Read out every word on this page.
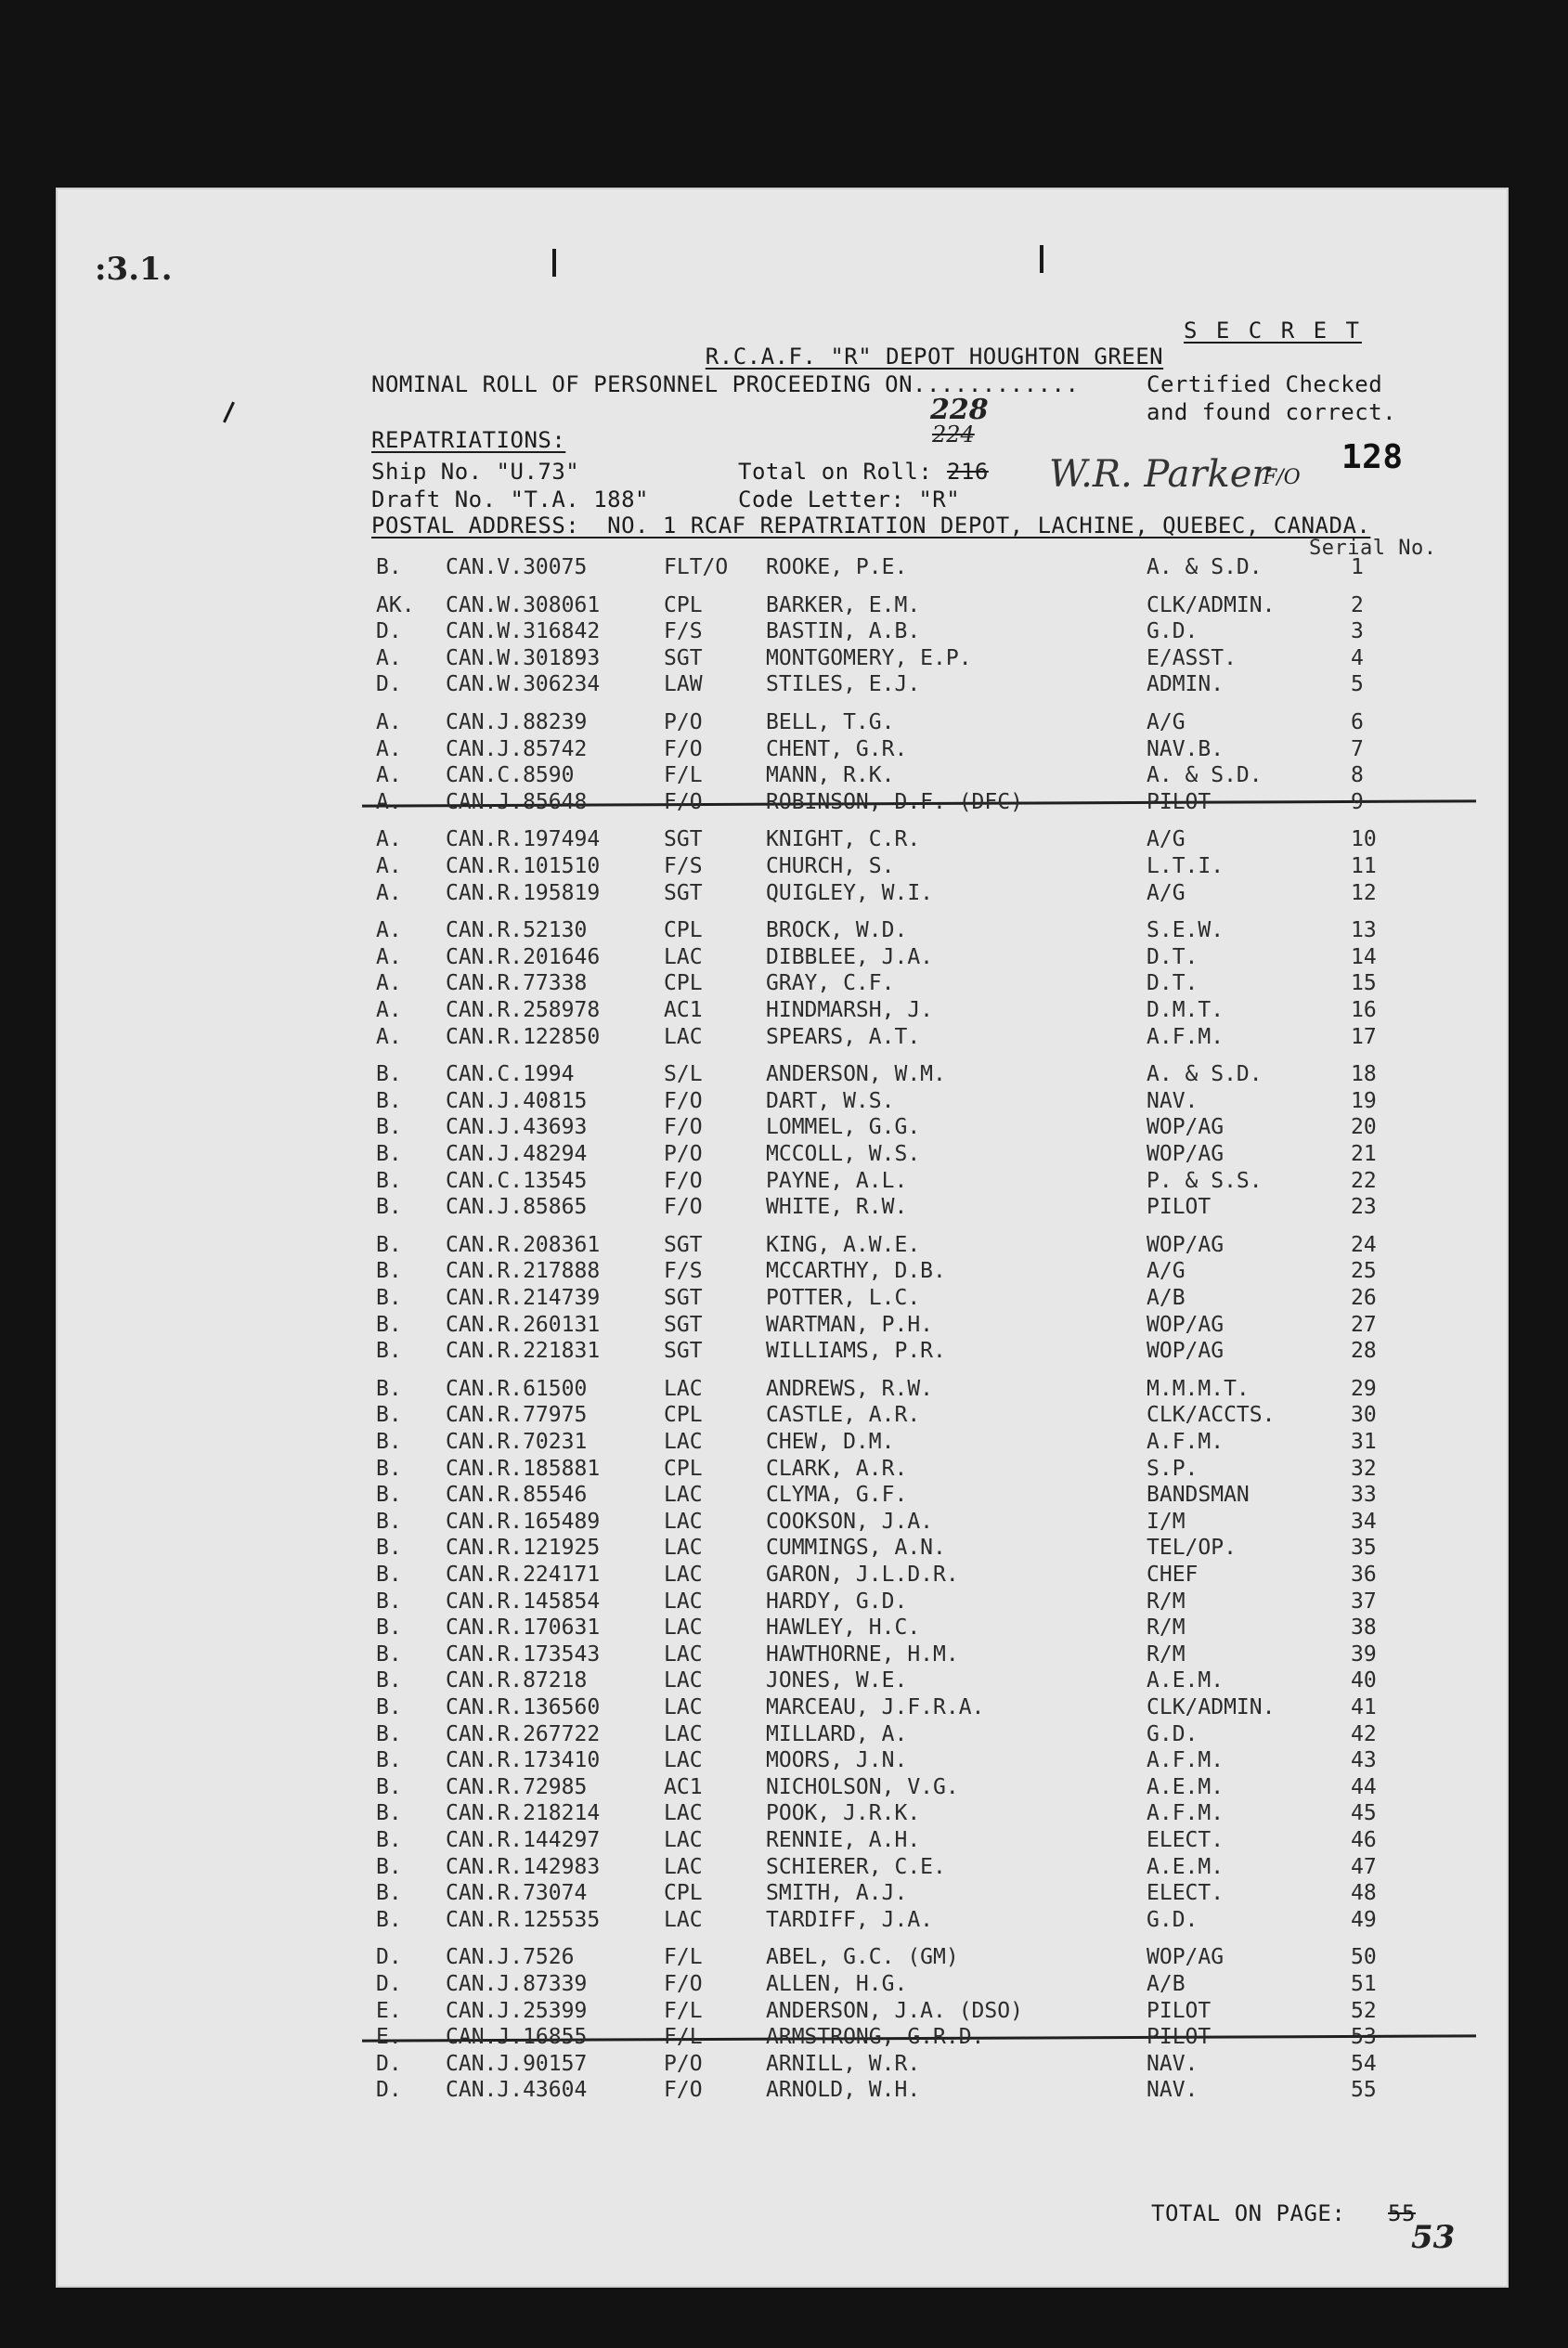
:3.1.

R.C.A.F. "R" DEPOT HOUGHTON GREEN

S E C R E T
NOMINAL ROLL OF PERSONNEL PROCEEDING ON............	Certified Checked
and found correct.
REPATRIATIONS:
Ship No. "U.73"	Total on Roll: 216
228
224
W.R. Parker
F/O
128
Draft No. "T.A. 188"	Code Letter: "R"
POSTAL ADDRESS:  NO. 1 RCAF REPATRIATION DEPOT, LACHINE, QUEBEC, CANADA.
Serial No.
B. CAN.V.30075	FLT/O ROOKE, P.E.	A. & S.D.	1
AK. CAN.W.308061	CPL	BARKER, E.M.	CLK/ADMIN.	2
D. CAN.W.316842	F/S	BASTIN, A.B.	G.D.	3
A. CAN.W.301893	SGT	MONTGOMERY, E.P.	E/ASST.	4
D. CAN.W.306234	LAW	STILES, E.J.	ADMIN.	5
A. CAN.J.88239	P/O	BELL, T.G.	A/G	6
A. CAN.J.85742	F/O	CHENT, G.R.	NAV.B.	7
A. CAN.C.8590	F/L	MANN, R.K.	A. & S.D.	8
A. CAN.J.85648	F/O	ROBINSON, D.F. (DFC)	PILOT	9
A. CAN.R.197494	SGT	KNIGHT, C.R.	A/G	10
A. CAN.R.101510	F/S	CHURCH, S.	L.T.I.	11
A. CAN.R.195819	SGT	QUIGLEY, W.I.	A/G	12
A. CAN.R.52130	CPL	BROCK, W.D.	S.E.W.	13
A. CAN.R.201646	LAC	DIBBLEE, J.A.	D.T.	14
A. CAN.R.77338	CPL	GRAY, C.F.	D.T.	15
A. CAN.R.258978	AC1	HINDMARSH, J.	D.M.T.	16
A. CAN.R.122850	LAC	SPEARS, A.T.	A.F.M.	17
B. CAN.C.1994	S/L	ANDERSON, W.M.	A. & S.D.	18
B. CAN.J.40815	F/O	DART, W.S.	NAV.	19
B. CAN.J.43693	F/O	LOMMEL, G.G.	WOP/AG	20
B. CAN.J.48294	P/O	MCCOLL, W.S.	WOP/AG	21
B. CAN.C.13545	F/O	PAYNE, A.L.	P. & S.S.	22
B. CAN.J.85865	F/O	WHITE, R.W.	PILOT	23
B. CAN.R.208361	SGT	KING, A.W.E.	WOP/AG	24
B. CAN.R.217888	F/S	MCCARTHY, D.B.	A/G	25
B. CAN.R.214739	SGT	POTTER, L.C.	A/B	26
B. CAN.R.260131	SGT	WARTMAN, P.H.	WOP/AG	27
B. CAN.R.221831	SGT	WILLIAMS, P.R.	WOP/AG	28
B. CAN.R.61500	LAC	ANDREWS, R.W.	M.M.M.T.	29
B. CAN.R.77975	CPL	CASTLE, A.R.	CLK/ACCTS.	30
B. CAN.R.70231	LAC	CHEW, D.M.	A.F.M.	31
B. CAN.R.185881	CPL	CLARK, A.R.	S.P.	32
B. CAN.R.85546	LAC	CLYMA, G.F.	BANDSMAN	33
B. CAN.R.165489	LAC	COOKSON, J.A.	I/M	34
B. CAN.R.121925	LAC	CUMMINGS, A.N.	TEL/OP.	35
B. CAN.R.224171	LAC	GARON, J.L.D.R.	CHEF	36
B. CAN.R.145854	LAC	HARDY, G.D.	R/M	37
B. CAN.R.170631	LAC	HAWLEY, H.C.	R/M	38
B. CAN.R.173543	LAC	HAWTHORNE, H.M.	R/M	39
B. CAN.R.87218	LAC	JONES, W.E.	A.E.M.	40
B. CAN.R.136560	LAC	MARCEAU, J.F.R.A.	CLK/ADMIN.	41
B. CAN.R.267722	LAC	MILLARD, A.	G.D.	42
B. CAN.R.173410	LAC	MOORS, J.N.	A.F.M.	43
B. CAN.R.72985	AC1	NICHOLSON, V.G.	A.E.M.	44
B. CAN.R.218214	LAC	POOK, J.R.K.	A.F.M.	45
B. CAN.R.144297	LAC	RENNIE, A.H.	ELECT.	46
B. CAN.R.142983	LAC	SCHIERER, C.E.	A.E.M.	47
B. CAN.R.73074	CPL	SMITH, A.J.	ELECT.	48
B. CAN.R.125535	LAC	TARDIFF, J.A.	G.D.	49
D. CAN.J.7526	F/L	ABEL, G.C. (GM)	WOP/AG	50
D. CAN.J.87339	F/O	ALLEN, H.G.	A/B	51
E. CAN.J.25399	F/L	ANDERSON, J.A. (DSO)	PILOT	52
E. CAN.J.16855	F/L	ARMSTRONG, G.R.D.	PILOT	53
D. CAN.J.90157	P/O	ARNILL, W.R.	NAV.	54
D. CAN.J.43604	F/O	ARNOLD, W.H.	NAV.	55
TOTAL ON PAGE: 55
53
